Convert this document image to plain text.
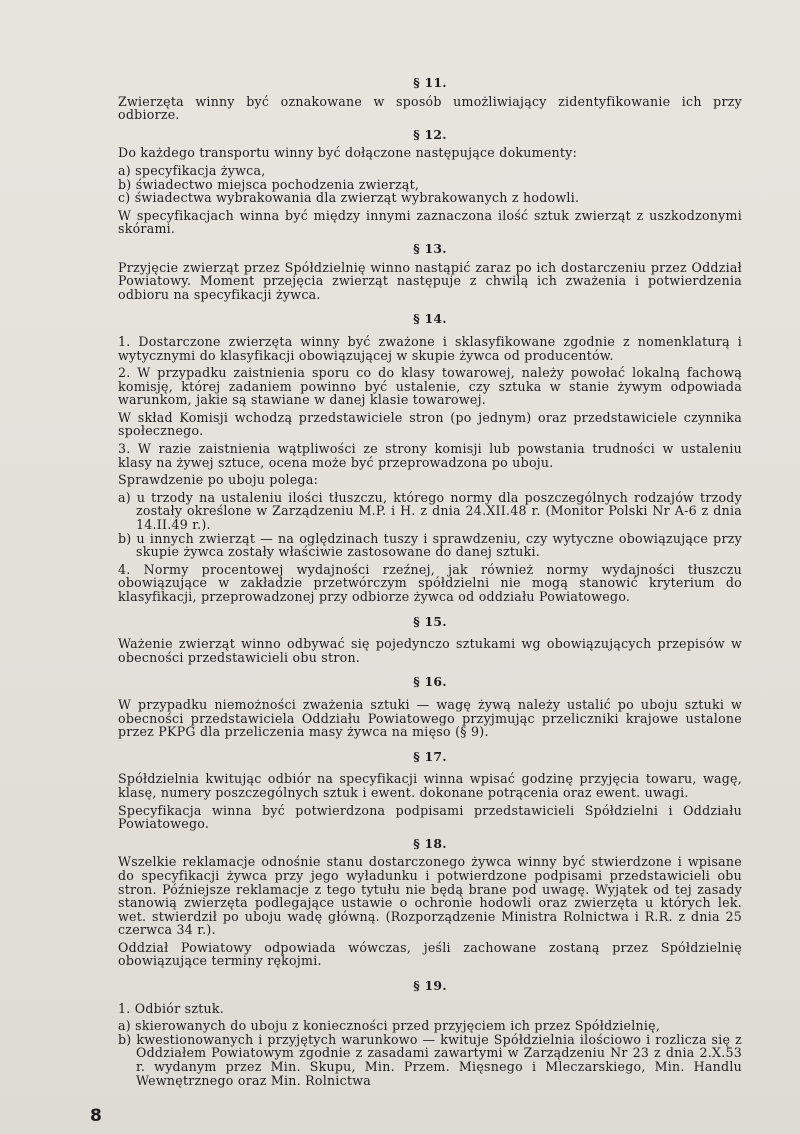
§ 11.

Zwierzęta winny być oznakowane w sposób umożliwiający zidentyfikowanie ich przy odbiorze.

§ 12.

Do każdego transportu winny być dołączone następujące dokumenty:

a) specyfikacja żywca,
b) świadectwo miejsca pochodzenia zwierząt,
c) świadectwa wybrakowania dla zwierząt wybrakowanych z hodowli.

W specyfikacjach winna być między innymi zaznaczona ilość sztuk zwierząt z uszkodzonymi skórami.

§ 13.

Przyjęcie zwierząt przez Spółdzielnię winno nastąpić zaraz po ich dostarczeniu przez Oddział Powiatowy. Moment przejęcia zwierząt następuje z chwilą ich zważenia i potwierdzenia odbioru na specyfikacji żywca.

§ 14.

1. Dostarczone zwierzęta winny być zważone i sklasyfikowane zgodnie z nomenklaturą i wytycznymi do klasyfikacji obowiązującej w skupie żywca od producentów.

2. W przypadku zaistnienia sporu co do klasy towarowej, należy powołać lokalną fachową komisję, której zadaniem powinno być ustalenie, czy sztuka w stanie żywym odpowiada warunkom, jakie są stawiane w danej klasie towarowej.

W skład Komisji wchodzą przedstawiciele stron (po jednym) oraz przedstawiciele czynnika społecznego.

3. W razie zaistnienia wątpliwości ze strony komisji lub powstania trudności w ustaleniu klasy na żywej sztuce, ocena może być przeprowadzona po uboju.

Sprawdzenie po uboju polega:

a) u trzody na ustaleniu ilości tłuszczu, którego normy dla poszczególnych rodzajów trzody zostały określone w Zarządzeniu M.P. i H. z dnia 24.XII.48 r. (Monitor Polski Nr A-6 z dnia 14.II.49 r.).
b) u innych zwierząt — na oględzinach tuszy i sprawdzeniu, czy wytyczne obowiązujące przy skupie żywca zostały właściwie zastosowane do danej sztuki.

4. Normy procentowej wydajności rzeźnej, jak również normy wydajności tłuszczu obowiązujące w zakładzie przetwórczym spółdzielni nie mogą stanowić kryterium do klasyfikacji, przeprowadzonej przy odbiorze żywca od oddziału Powiatowego.

§ 15.

Ważenie zwierząt winno odbywać się pojedynczo sztukami wg obowiązujących przepisów w obecności przedstawicieli obu stron.

§ 16.

W przypadku niemożności zważenia sztuki — wagę żywą należy ustalić po uboju sztuki w obecności przedstawiciela Oddziału Powiatowego przyjmując przeliczniki krajowe ustalone przez PKPG dla przeliczenia masy żywca na mięso (§ 9).

§ 17.

Spółdzielnia kwitując odbiór na specyfikacji winna wpisać godzinę przyjęcia towaru, wagę, klasę, numery poszczególnych sztuk i ewent. dokonane potrącenia oraz ewent. uwagi.

Specyfikacja winna być potwierdzona podpisami przedstawicieli Spółdzielni i Oddziału Powiatowego.

§ 18.

Wszelkie reklamacje odnośnie stanu dostarczonego żywca winny być stwierdzone i wpisane do specyfikacji żywca przy jego wyładunku i potwierdzone podpisami przedstawicieli obu stron. Późniejsze reklamacje z tego tytułu nie będą brane pod uwagę. Wyjątek od tej zasady stanowią zwierzęta podlegające ustawie o ochronie hodowli oraz zwierzęta u których lek. wet. stwierdził po uboju wadę główną. (Rozporządzenie Ministra Rolnictwa i R.R. z dnia 25 czerwca 34 r.).

Oddział Powiatowy odpowiada wówczas, jeśli zachowane zostaną przez Spółdzielnię obowiązujące terminy rękojmi.

§ 19.

1. Odbiór sztuk.

a) skierowanych do uboju z konieczności przed przyjęciem ich przez Spółdzielnię,
b) kwestionowanych i przyjętych warunkowo — kwituje Spółdzielnia ilościowo i rozlicza się z Oddziałem Powiatowym zgodnie z zasadami zawartymi w Zarządzeniu Nr 23 z dnia 2.X.53 r. wydanym przez Min. Skupu, Min. Przem. Mięsnego i Mleczarskiego, Min. Handlu Wewnętrznego oraz Min. Rolnictwa
8
